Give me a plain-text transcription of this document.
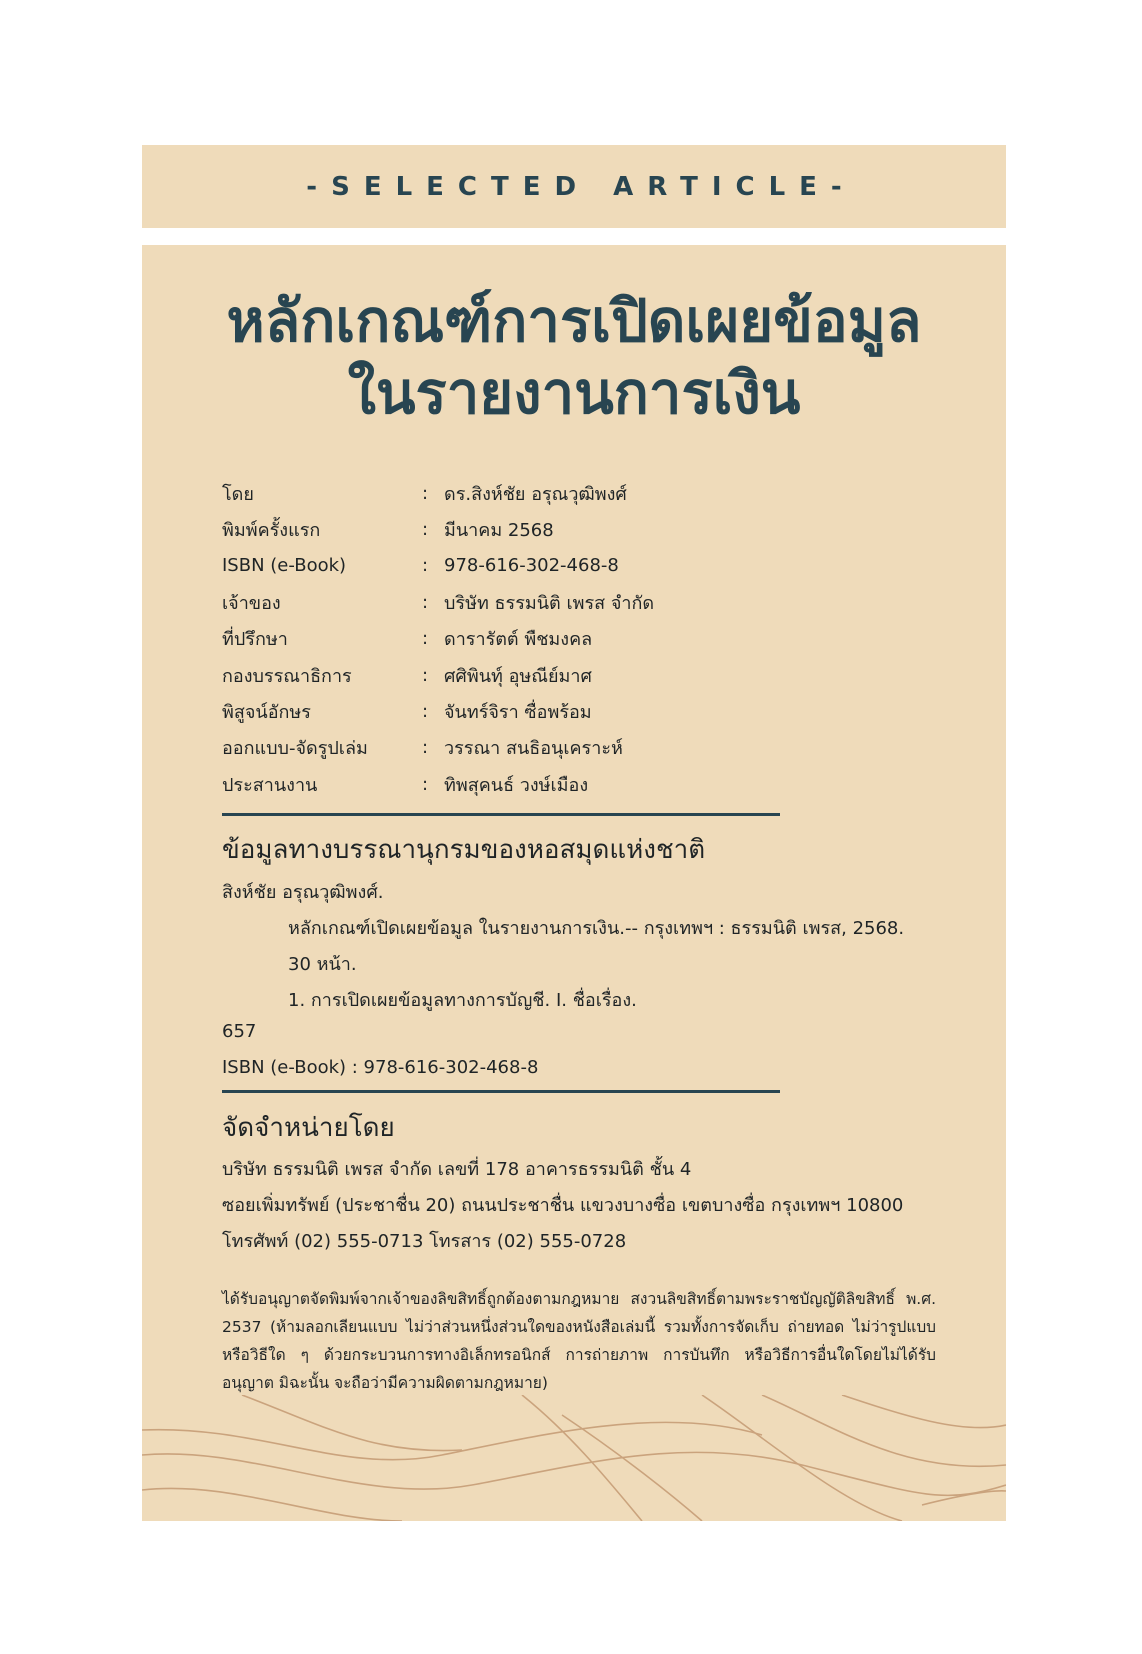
-SELECTED ARTICLE-
หลักเกณฑ์การเปิดเผยข้อมูล
ในรายงานการเงิน
โดย	: ดร.สิงห์ชัย อรุณวุฒิพงศ์
พิมพ์ครั้งแรก	: มีนาคม 2568
ISBN (e-Book)	: 978-616-302-468-8
เจ้าของ	: บริษัท ธรรมนิติ เพรส จำกัด
ที่ปรึกษา	: ดารารัตต์ พืชมงคล
กองบรรณาธิการ	: ศศิพินทุ์ อุษณีย์มาศ
พิสูจน์อักษร	: จันทร์จิรา ซื่อพร้อม
ออกแบบ-จัดรูปเล่ม	: วรรณา สนธิอนุเคราะห์
ประสานงาน	: ทิพสุคนธ์ วงษ์เมือง
ข้อมูลทางบรรณานุกรมของหอสมุดแห่งชาติ
สิงห์ชัย อรุณวุฒิพงศ์.
หลักเกณฑ์เปิดเผยข้อมูล ในรายงานการเงิน.-- กรุงเทพฯ : ธรรมนิติ เพรส, 2568.
30 หน้า.
1. การเปิดเผยข้อมูลทางการบัญชี. I. ชื่อเรื่อง.
657
ISBN (e-Book) : 978-616-302-468-8
จัดจำหน่ายโดย
บริษัท ธรรมนิติ เพรส จำกัด เลขที่ 178 อาคารธรรมนิติ ชั้น 4
ซอยเพิ่มทรัพย์ (ประชาชื่น 20) ถนนประชาชื่น แขวงบางซื่อ เขตบางซื่อ กรุงเทพฯ 10800
โทรศัพท์ (02) 555-0713 โทรสาร (02) 555-0728
ได้รับอนุญาตจัดพิมพ์จากเจ้าของลิขสิทธิ์ถูกต้องตามกฎหมาย สงวนลิขสิทธิ์ตามพระราชบัญญัติลิขสิทธิ์ พ.ศ. 2537 (ห้ามลอกเลียนแบบ ไม่ว่าส่วนหนึ่งส่วนใดของหนังสือเล่มนี้ รวมทั้งการจัดเก็บ ถ่ายทอด ไม่ว่ารูปแบบหรือวิธีใด ๆ ด้วยกระบวนการทางอิเล็กทรอนิกส์ การถ่ายภาพ การบันทึก หรือวิธีการอื่นใดโดยไม่ได้รับอนุญาต มิฉะนั้น จะถือว่ามีความผิดตามกฎหมาย)
